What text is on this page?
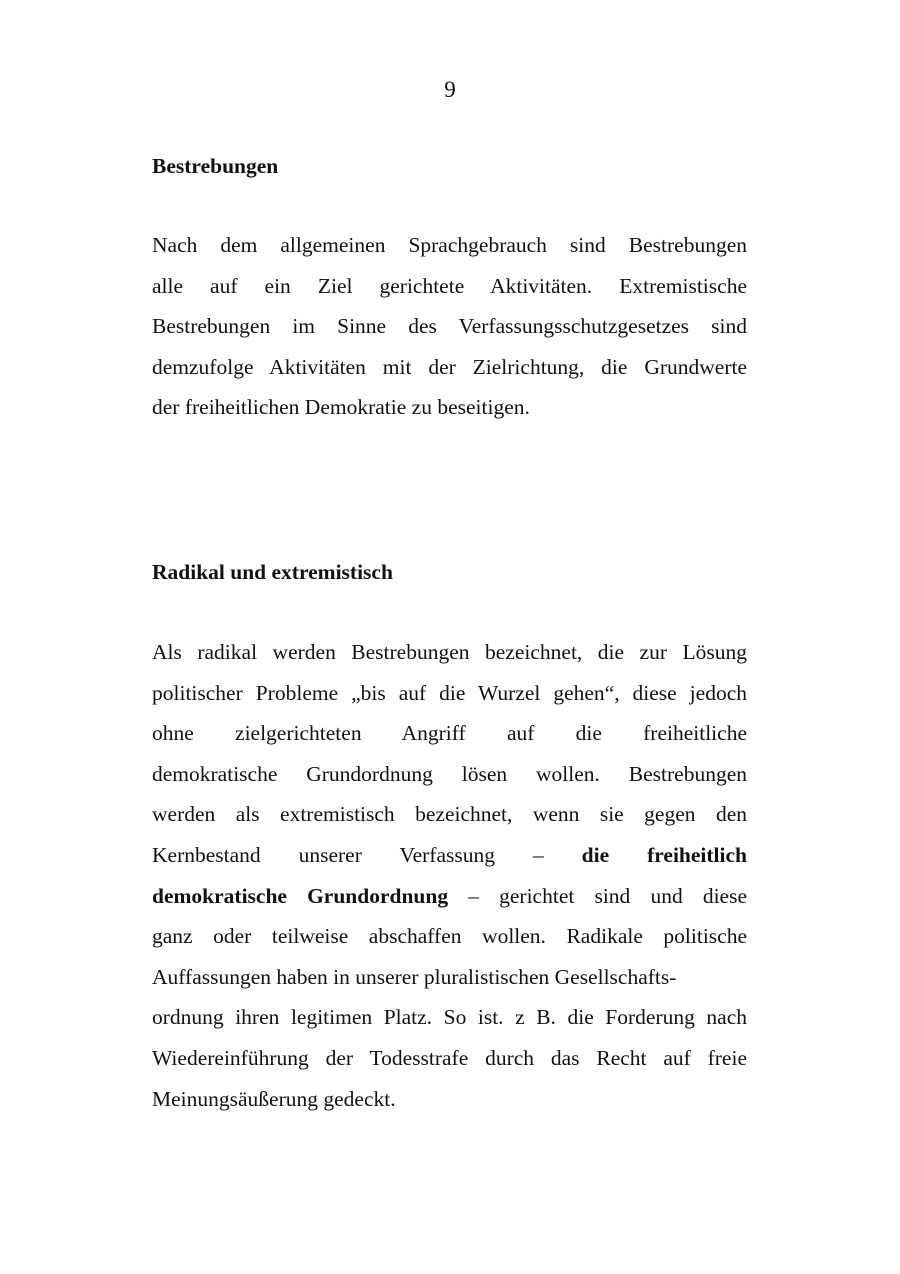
9
Bestrebungen
Nach dem allgemeinen Sprachgebrauch sind Bestrebungen
alle auf ein Ziel gerichtete Aktivitäten. Extremistische
Bestrebungen im Sinne des Verfassungsschutzgesetzes sind
demzufolge Aktivitäten mit der Zielrichtung, die Grundwerte
der freiheitlichen Demokratie zu beseitigen.
Radikal und extremistisch
Als radikal werden Bestrebungen bezeichnet, die zur Lösung
politischer Probleme „bis auf die Wurzel gehen“, diese jedoch
ohne zielgerichteten Angriff auf die freiheitliche
demokratische Grundordnung lösen wollen. Bestrebungen
werden als extremistisch bezeichnet, wenn sie gegen den
Kernbestand unserer Verfassung – die freiheitlich
demokratische Grundordnung – gerichtet sind und diese
ganz oder teilweise abschaffen wollen. Radikale politische
Auffassungen haben in unserer pluralistischen Gesellschafts-
ordnung ihren legitimen Platz. So ist. z B. die Forderung nach
Wiedereinführung der Todesstrafe durch das Recht auf freie
Meinungsäußerung gedeckt.
